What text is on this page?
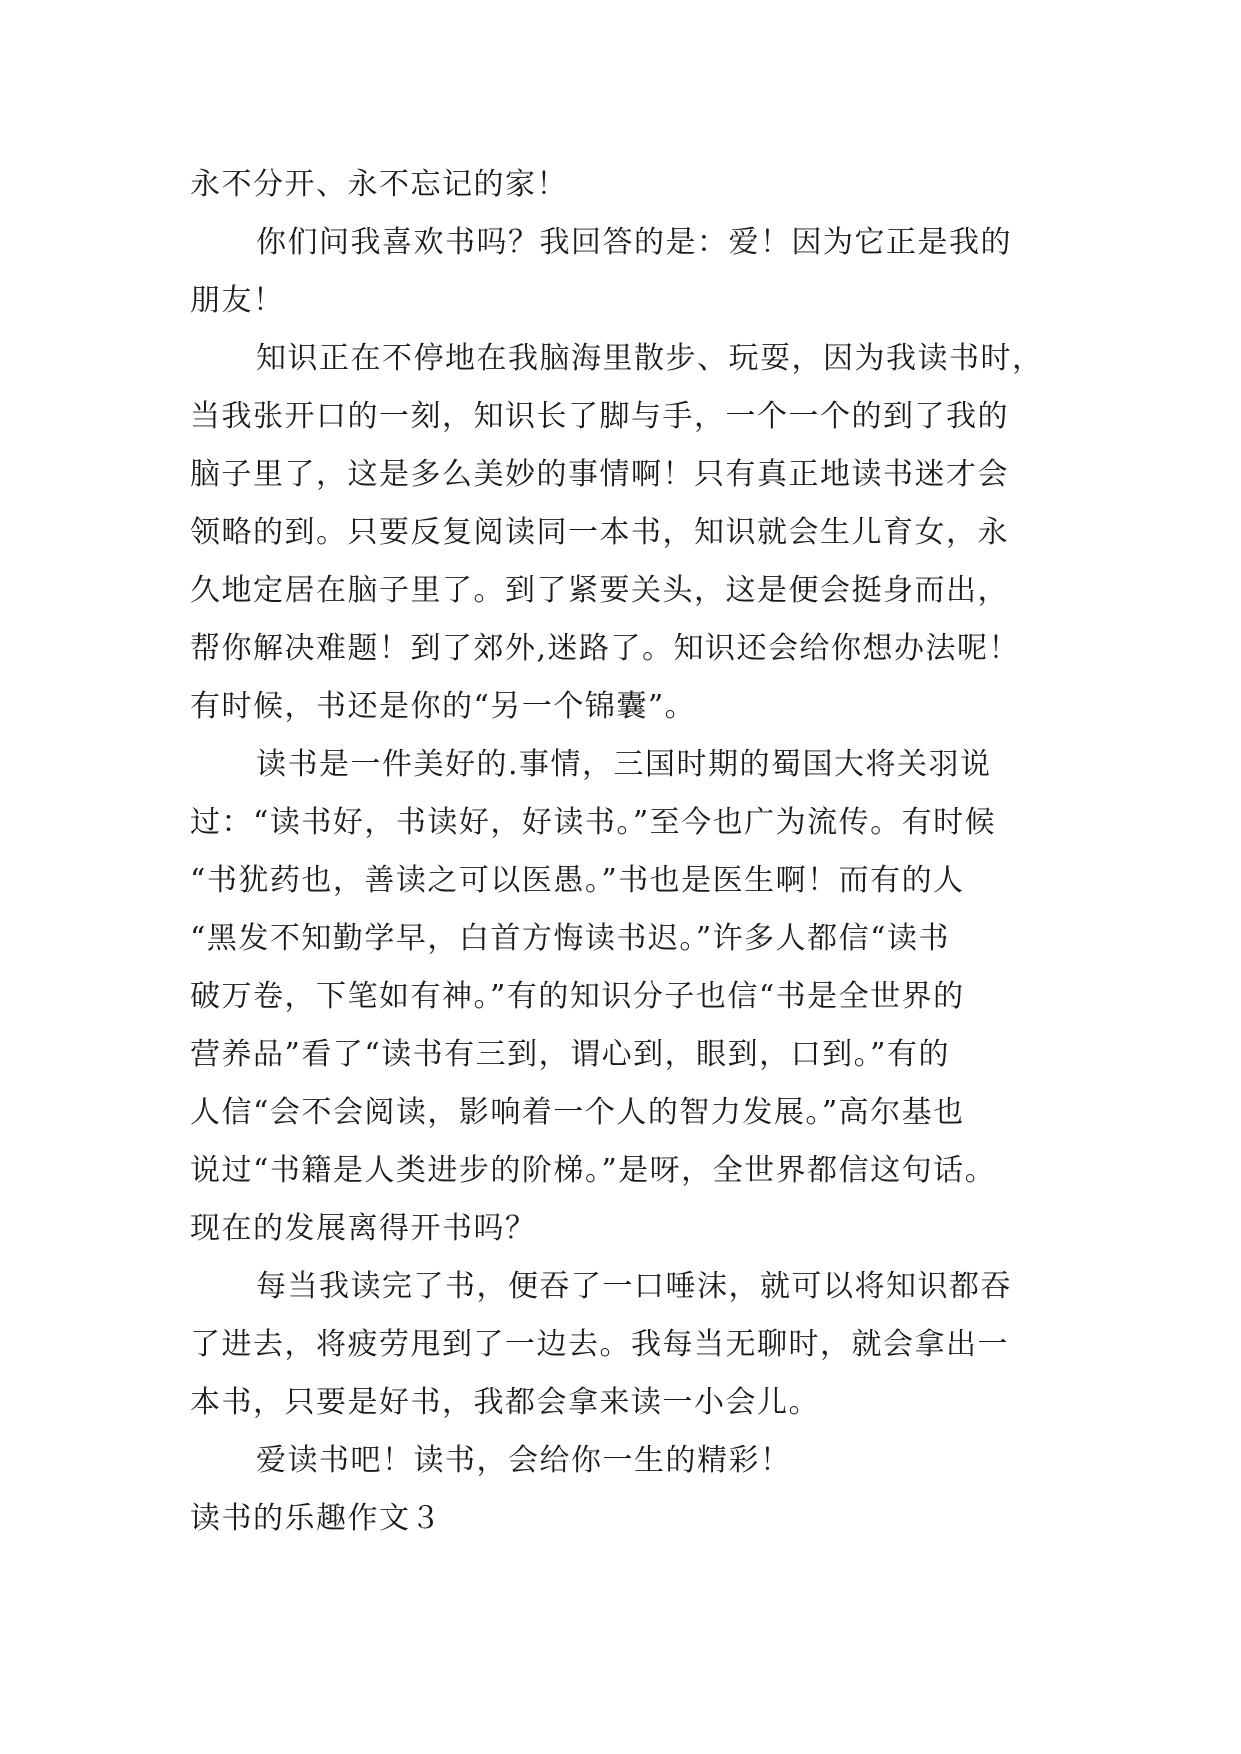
永不分开、永不忘记的家！
你们问我喜欢书吗？我回答的是：爱！因为它正是我的
朋友！
知识正在不停地在我脑海里散步、玩耍，因为我读书时，
当我张开口的一刻，知识长了脚与手，一个一个的到了我的
脑子里了，这是多么美妙的事情啊！只有真正地读书迷才会
领略的到。只要反复阅读同一本书，知识就会生儿育女，永
久地定居在脑子里了。到了紧要关头，这是便会挺身而出，
帮你解决难题！到了郊外,迷路了。知识还会给你想办法呢！
有时候，书还是你的“另一个锦囊”。
读书是一件美好的.事情，三国时期的蜀国大将关羽说
过：“读书好，书读好，好读书。”至今也广为流传。有时候
“书犹药也，善读之可以医愚。”书也是医生啊！而有的人
“黑发不知勤学早，白首方悔读书迟。”许多人都信“读书
破万卷，下笔如有神。”有的知识分子也信“书是全世界的
营养品”看了“读书有三到，谓心到，眼到，口到。”有的
人信“会不会阅读，影响着一个人的智力发展。”高尔基也
说过“书籍是人类进步的阶梯。”是呀，全世界都信这句话。
现在的发展离得开书吗？
每当我读完了书，便吞了一口唾沫，就可以将知识都吞
了进去，将疲劳甩到了一边去。我每当无聊时，就会拿出一
本书，只要是好书，我都会拿来读一小会儿。
爱读书吧！读书，会给你一生的精彩！
读书的乐趣作文３
